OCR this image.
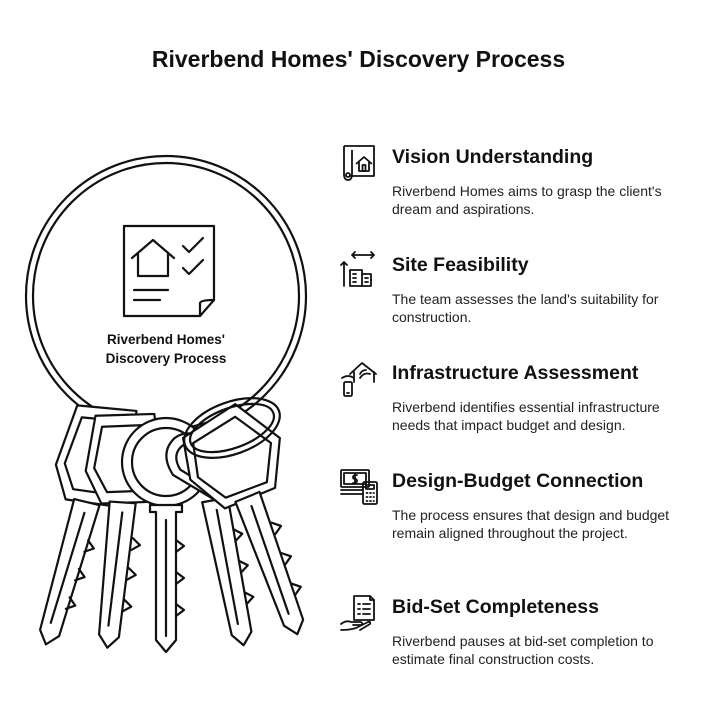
Riverbend Homes' Discovery Process
Riverbend Homes'
Discovery Process
Vision Understanding
Riverbend Homes aims to grasp the client's dream and aspirations.
Site Feasibility
The team assesses the land's suitability for construction.
Infrastructure Assessment
Riverbend identifies essential infrastructure needs that impact budget and design.
Design-Budget Connection
The process ensures that design and budget remain aligned throughout the project.
Bid-Set Completeness
Riverbend pauses at bid-set completion to estimate final construction costs.
